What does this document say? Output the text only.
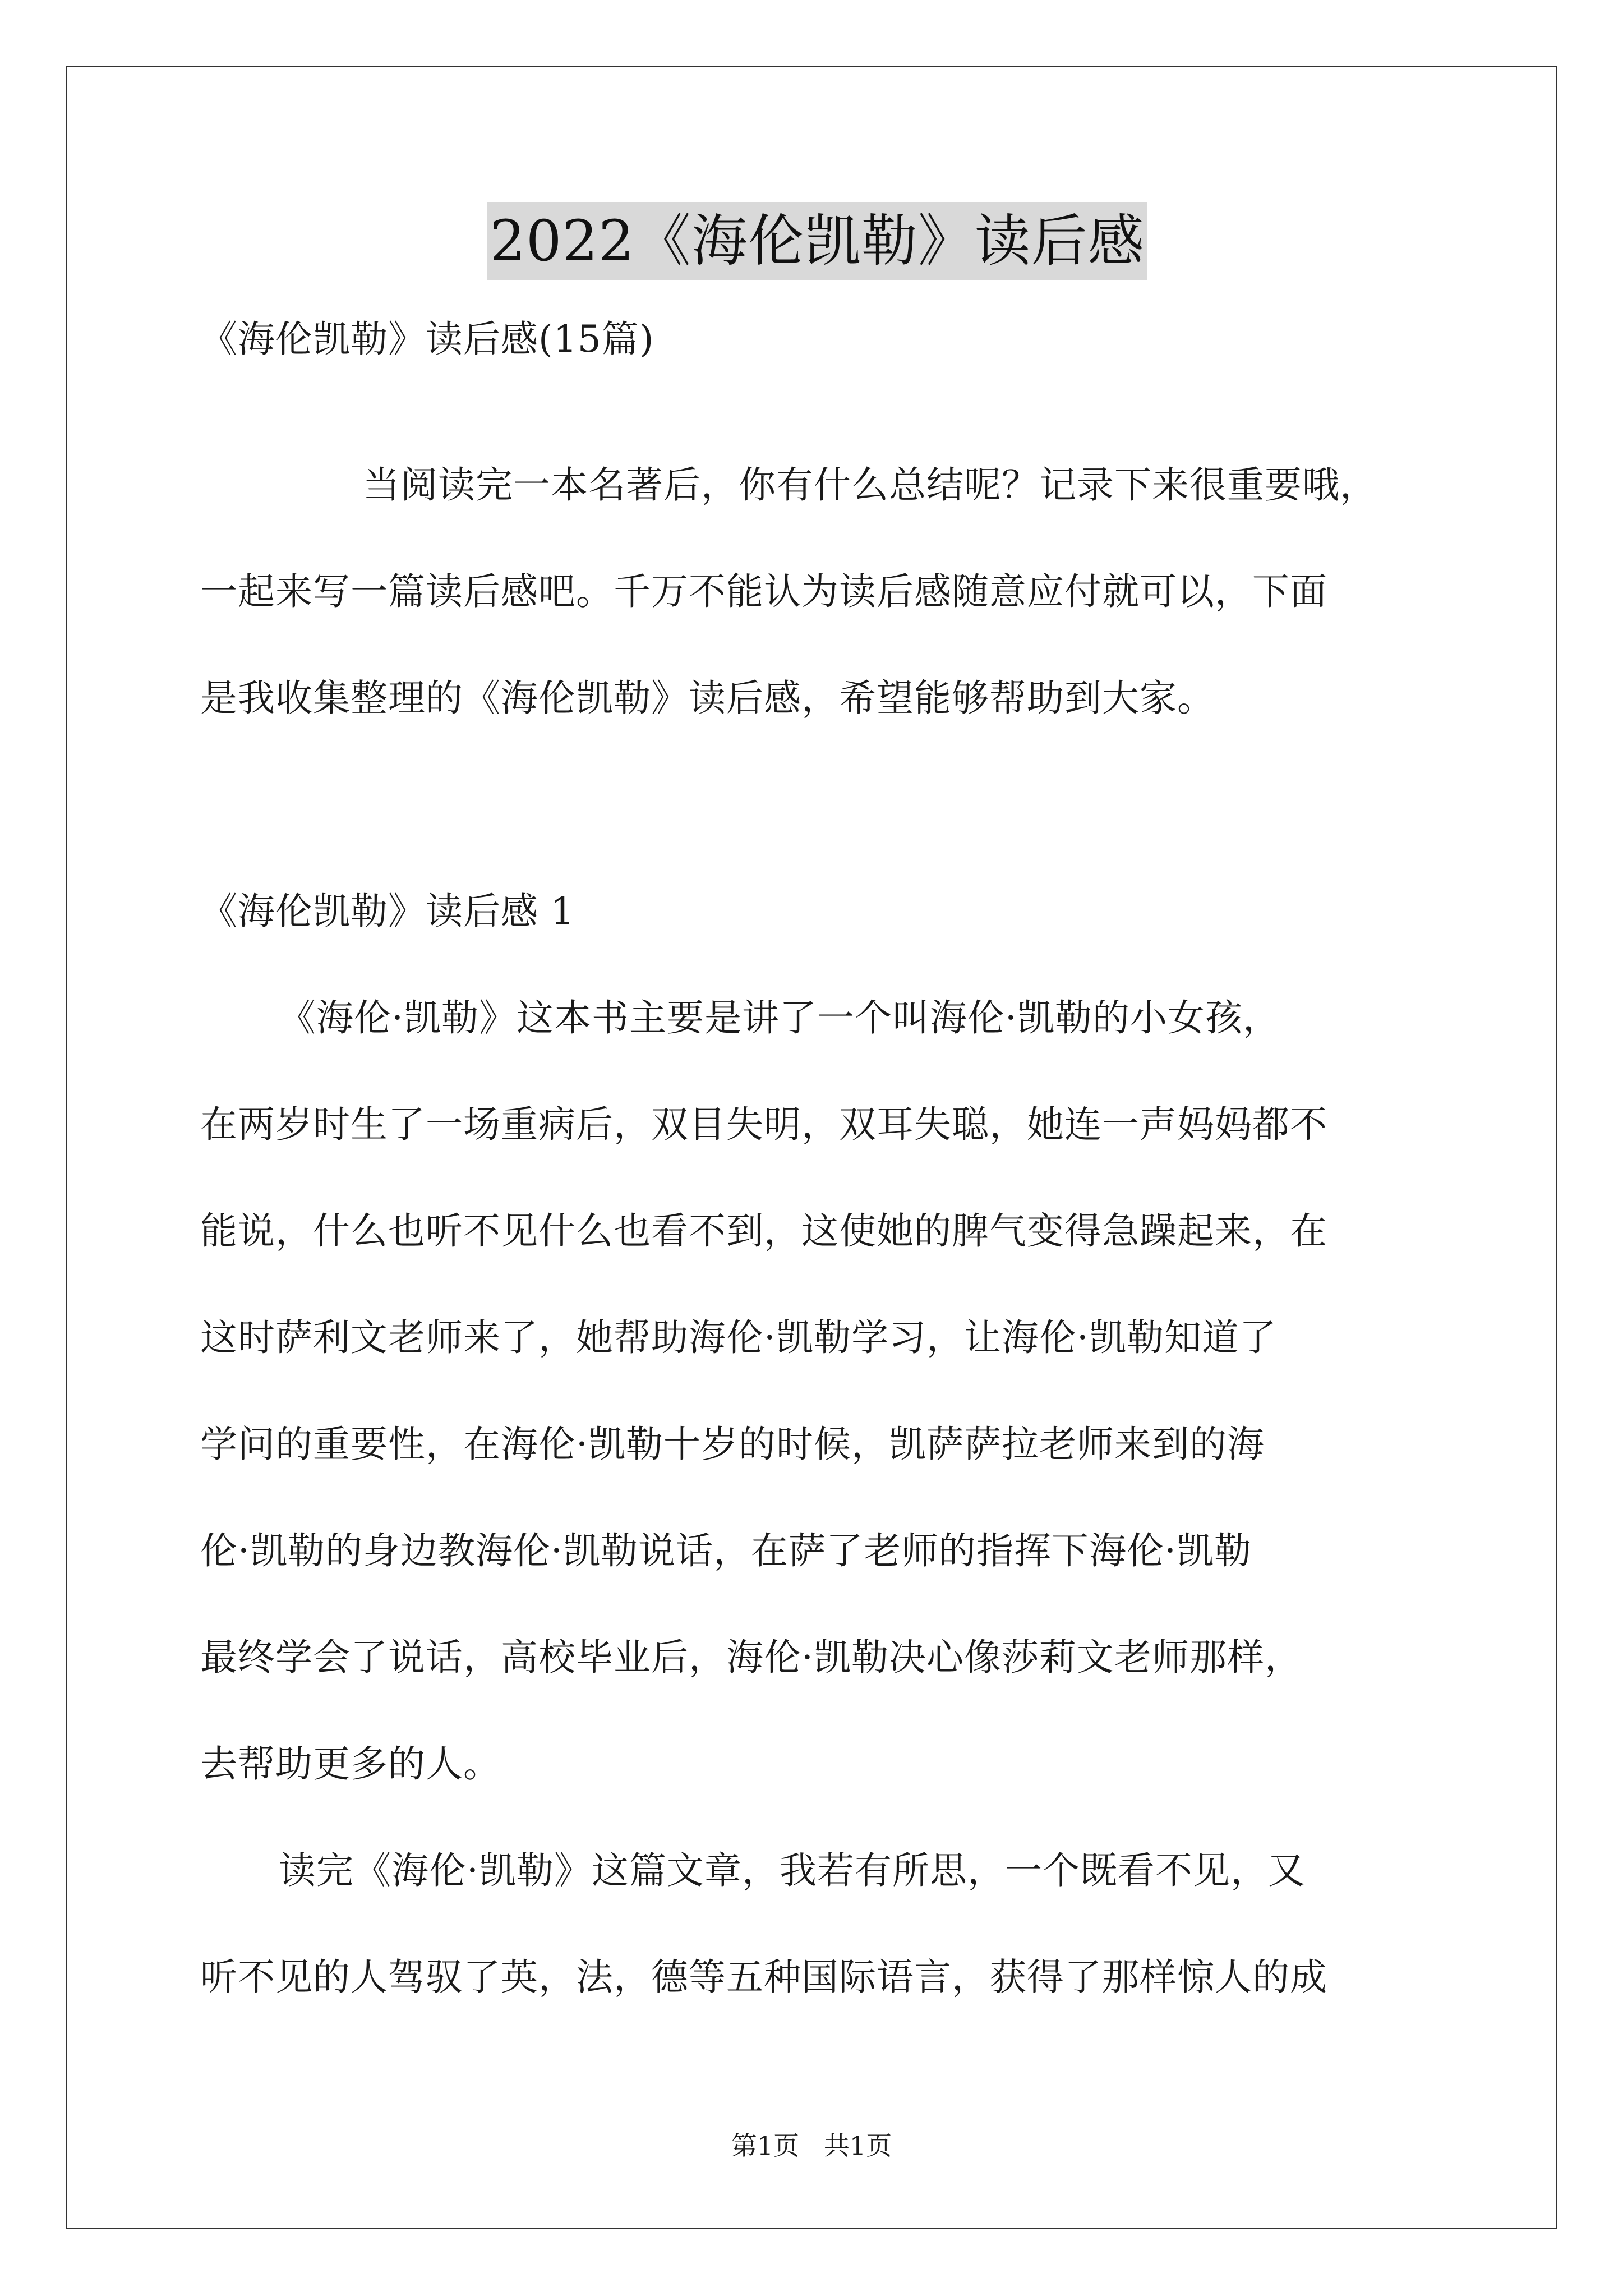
2022《海伦凯勒》读后感
《海伦凯勒》读后感(15篇)
当阅读完一本名著后，你有什么总结呢？记录下来很重要哦，
一起来写一篇读后感吧。千万不能认为读后感随意应付就可以，下面
是我收集整理的《海伦凯勒》读后感，希望能够帮助到大家。
《海伦凯勒》读后感 1
《海伦·凯勒》这本书主要是讲了一个叫海伦·凯勒的小女孩，
在两岁时生了一场重病后，双目失明，双耳失聪，她连一声妈妈都不
能说，什么也听不见什么也看不到，这使她的脾气变得急躁起来，在
这时萨利文老师来了，她帮助海伦·凯勒学习，让海伦·凯勒知道了
学问的重要性，在海伦·凯勒十岁的时候，凯萨萨拉老师来到的海
伦·凯勒的身边教海伦·凯勒说话，在萨了老师的指挥下海伦·凯勒
最终学会了说话，高校毕业后，海伦·凯勒决心像莎莉文老师那样，
去帮助更多的人。
读完《海伦·凯勒》这篇文章，我若有所思，一个既看不见，又
听不见的人驾驭了英，法，德等五种国际语言，获得了那样惊人的成
第1页   共1页
